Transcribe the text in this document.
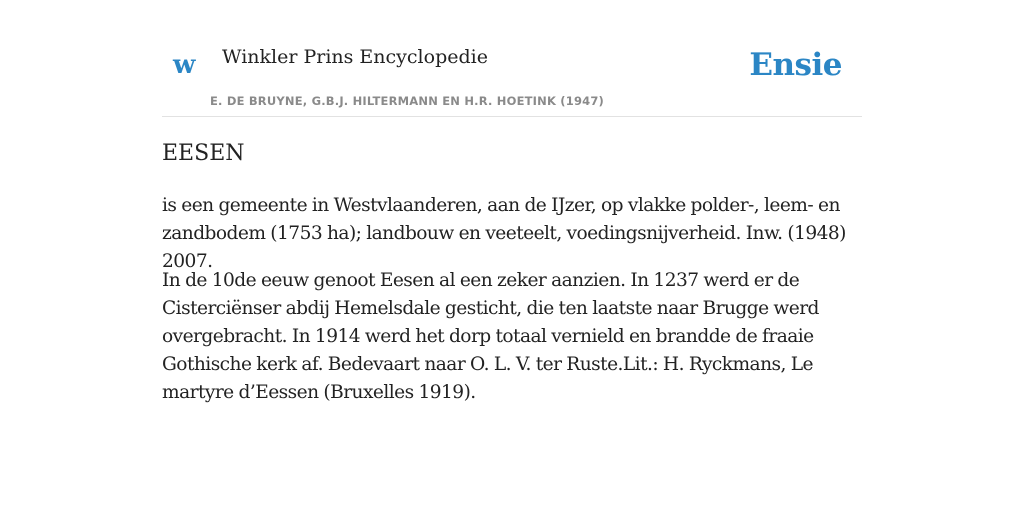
w Winkler Prins Encyclopedie
E. DE BRUYNE, G.B.J. HILTERMANN EN H.R. HOETINK (1947)
Ensie
EESEN

is een gemeente in Westvlaanderen, aan de IJzer, op vlakke polder-, leem- en zandbodem (1753 ha); landbouw en veeteelt, voedingsnijverheid. Inw. (1948) 2007.

In de 10de eeuw genoot Eesen al een zeker aanzien. In 1237 werd er de Cisterciënser abdij Hemelsdale gesticht, die ten laatste naar Brugge werd overgebracht. In 1914 werd het dorp totaal vernield en brandde de fraaie Gothische kerk af. Bedevaart naar O. L. V. ter Ruste.Lit.: H. Ryckmans, Le martyre d’Eessen (Bruxelles 1919).
